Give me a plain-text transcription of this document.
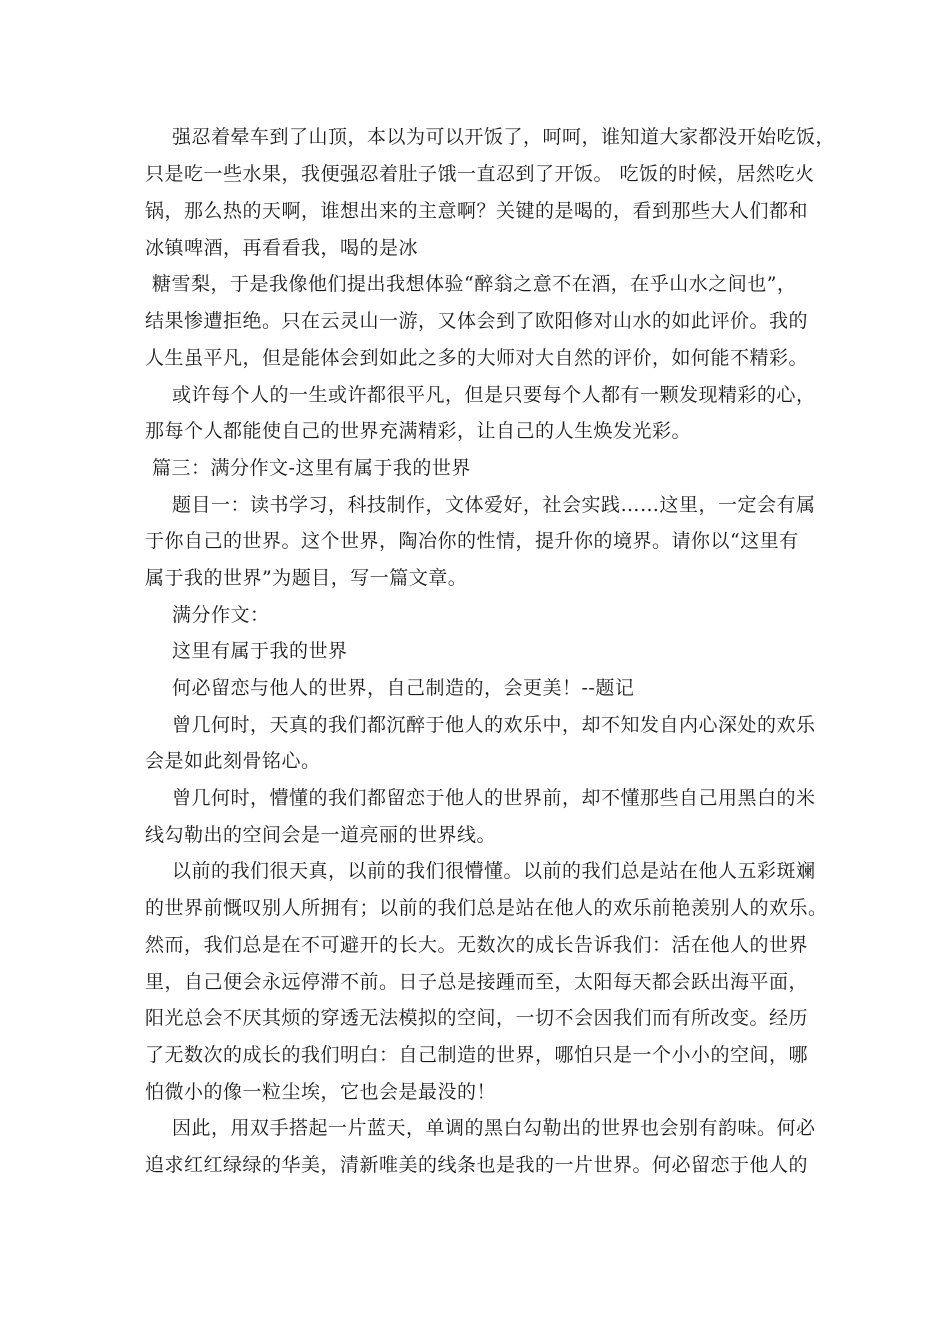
强忍着晕车到了山顶，本以为可以开饭了，呵呵，谁知道大家都没开始吃饭，
只是吃一些水果，我便强忍着肚子饿一直忍到了开饭。 吃饭的时候，居然吃火
锅，那么热的天啊，谁想出来的主意啊？关键的是喝的，看到那些大人们都和
冰镇啤酒，再看看我，喝的是冰
糖雪梨，于是我像他们提出我想体验“醉翁之意不在酒，在乎山水之间也”，
结果惨遭拒绝。只在云灵山一游，又体会到了欧阳修对山水的如此评价。我的
人生虽平凡，但是能体会到如此之多的大师对大自然的评价，如何能不精彩。
或许每个人的一生或许都很平凡，但是只要每个人都有一颗发现精彩的心，
那每个人都能使自己的世界充满精彩，让自己的人生焕发光彩。
篇三：满分作文-这里有属于我的世界
题目一：读书学习，科技制作，文体爱好，社会实践……这里，一定会有属
于你自己的世界。这个世界，陶冶你的性情，提升你的境界。请你以“这里有
属于我的世界”为题目，写一篇文章。
满分作文：
这里有属于我的世界
何必留恋与他人的世界，自己制造的，会更美！--题记
曾几何时，天真的我们都沉醉于他人的欢乐中，却不知发自内心深处的欢乐
会是如此刻骨铭心。
曾几何时，懵懂的我们都留恋于他人的世界前，却不懂那些自己用黑白的米
线勾勒出的空间会是一道亮丽的世界线。
以前的我们很天真，以前的我们很懵懂。以前的我们总是站在他人五彩斑斓
的世界前慨叹别人所拥有；以前的我们总是站在他人的欢乐前艳羡别人的欢乐。
然而，我们总是在不可避开的长大。无数次的成长告诉我们：活在他人的世界
里，自己便会永远停滞不前。日子总是接踵而至，太阳每天都会跃出海平面，
阳光总会不厌其烦的穿透无法模拟的空间，一切不会因我们而有所改变。经历
了无数次的成长的我们明白：自己制造的世界，哪怕只是一个小小的空间，哪
怕微小的像一粒尘埃，它也会是最没的！
因此，用双手搭起一片蓝天，单调的黑白勾勒出的世界也会别有韵味。何必
追求红红绿绿的华美，清新唯美的线条也是我的一片世界。何必留恋于他人的
